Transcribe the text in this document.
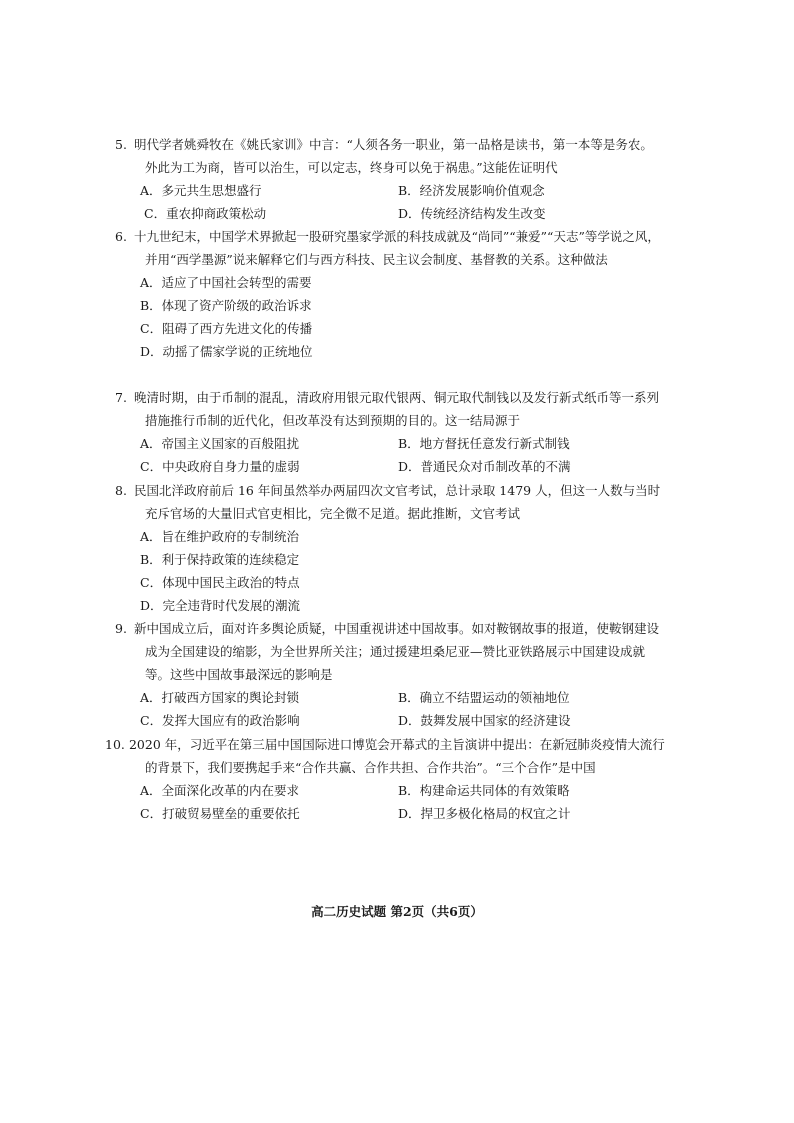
5. 明代学者姚舜牧在《姚氏家训》中言：“人须各务一职业，第一品格是读书，第一本等是务农。外此为工为商，皆可以治生，可以定志，终身可以免于祸患。”这能佐证明代
A．多元共生思想盛行	B．经济发展影响价值观念
C．重农抑商政策松动	D．传统经济结构发生改变
6. 十九世纪末，中国学术界掀起一股研究墨家学派的科技成就及“尚同”“兼爱”“天志”等学说之风，并用“西学墨源”说来解释它们与西方科技、民主议会制度、基督教的关系。这种做法
A．适应了中国社会转型的需要
B．体现了资产阶级的政治诉求
C．阻碍了西方先进文化的传播
D．动摇了儒家学说的正统地位
7. 晚清时期，由于币制的混乱，清政府用银元取代银两、铜元取代制钱以及发行新式纸币等一系列措施推行币制的近代化，但改革没有达到预期的目的。这一结局源于
A．帝国主义国家的百般阻扰	B．地方督抚任意发行新式制钱
C．中央政府自身力量的虚弱	D．普通民众对币制改革的不满
8. 民国北洋政府前后 16 年间虽然举办两届四次文官考试，总计录取 1479 人，但这一人数与当时充斥官场的大量旧式官吏相比，完全微不足道。据此推断，文官考试
A．旨在维护政府的专制统治
B．利于保持政策的连续稳定
C．体现中国民主政治的特点
D．完全违背时代发展的潮流
9. 新中国成立后，面对许多舆论质疑，中国重视讲述中国故事。如对鞍钢故事的报道，使鞍钢建设成为全国建设的缩影，为全世界所关注；通过援建坦桑尼亚—赞比亚铁路展示中国建设成就等。这些中国故事最深远的影响是
A．打破西方国家的舆论封锁	B．确立不结盟运动的领袖地位
C．发挥大国应有的政治影响	D．鼓舞发展中国家的经济建设
10. 2020 年，习近平在第三届中国国际进口博览会开幕式的主旨演讲中提出：在新冠肺炎疫情大流行的背景下，我们要携起手来“合作共赢、合作共担、合作共治”。“三个合作”是中国
A．全面深化改革的内在要求	B．构建命运共同体的有效策略
C．打破贸易壁垒的重要依托	D．捍卫多极化格局的权宜之计
高二历史试题 第2页（共6页）
